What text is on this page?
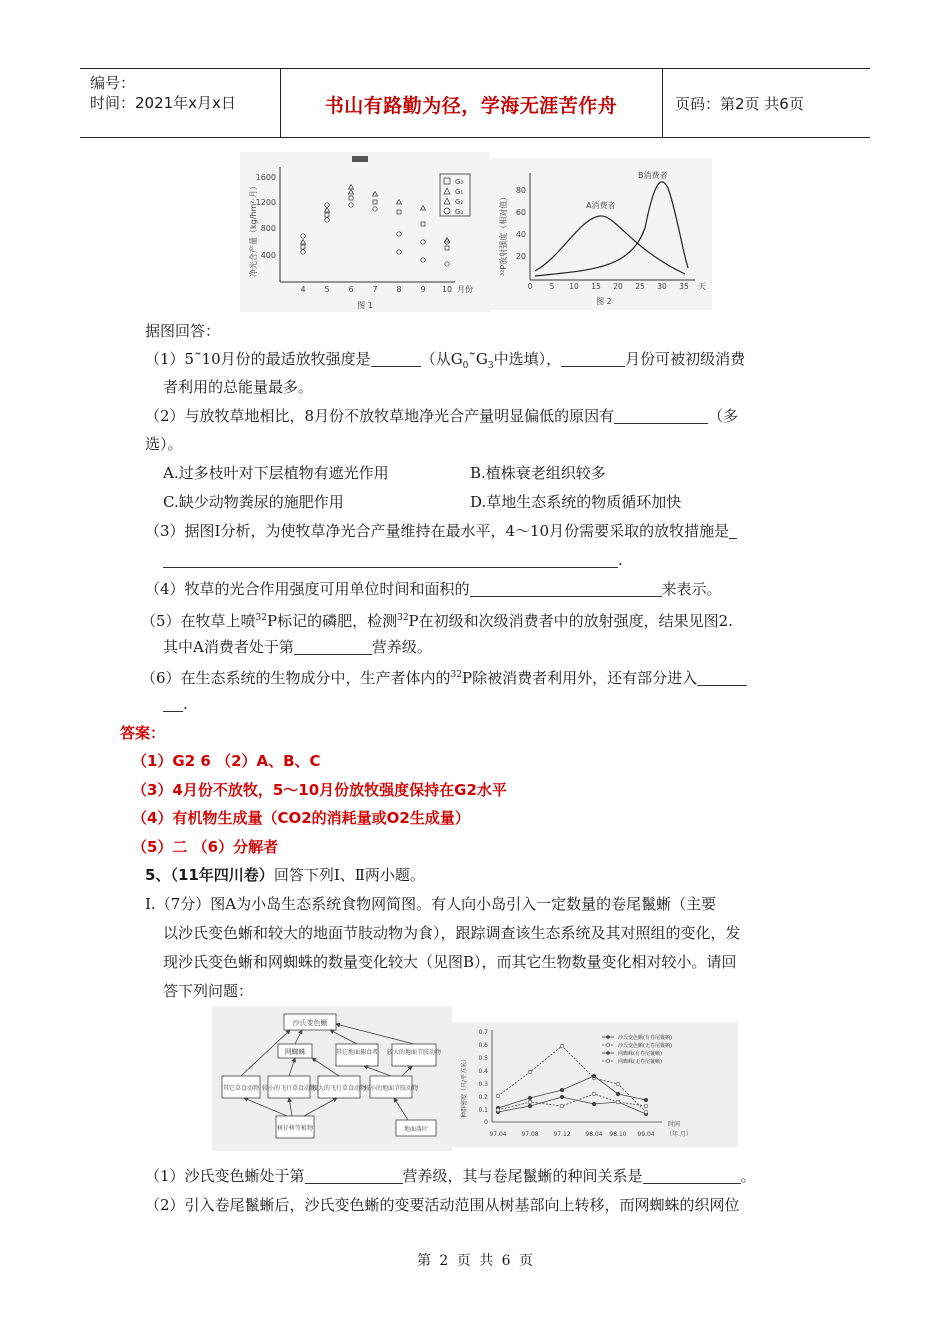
编号：
时间：2021年x月x日	书山有路勤为径，学海无涯苦作舟	页码：第2页 共6页
1600
1200
800
400
4 5 6 7 8 9 10 月份
净光合产量（kg/hm²·月）
图 1
G₀
G₁
G₂
G₃
80
60
40
20
0 5 10 15 20 25 30 35 天
³²P放射强度（相对值）
图 2
A消费者
B消费者
据图回答：
（1）5˜10月份的最适放牧强度是	（从$G_0˜G_3$中选填），	月份可被初级消费
者利用的总能量最多。
（2）与放牧草地相比，8月份不放牧草地净光合产量明显偏低的原因有	（多
选）。
A.过多枝叶对下层植物有遮光作用	B.植株衰老组织较多
C.缺少动物粪尿的施肥作用	D.草地生态系统的物质循环加快
（3）据图Ⅰ分析，为使牧草净光合产量维持在最水平，4～10月份需要采取的放牧措施是
.
（4）牧草的光合作用强度可用单位时间和面积的	来表示。
（5）在牧草上喷$^{32}$P标记的磷肥，检测$^{32}$P在初级和次级消费者中的放射强度，结果见图2.
其中A消费者处于第	营养级。
（6）在生态系统的生物成分中，生产者体内的$^{32}$P除被消费者利用外，还有部分进入
.
答案：
（1）G2 6 （2）A、B、C
（3）4月份不放牧，5～10月份放牧强度保持在G2水平
（4）有机物生成量（CO2的消耗量或O2生成量）
（5）二 （6）分解者
5、（11年四川卷）回答下列Ⅰ、Ⅱ两小题。
I.（7分）图A为小岛生态系统食物网简图。有人向小岛引入一定数量的卷尾鬣蜥（主要
以沙氏变色蜥和较大的地面节肢动物为食），跟踪调查该生态系统及其对照组的变化，发
现沙氏变色蜥和网蜘蛛的数量变化较大（见图B），而其它生物数量变化相对较小。请回
答下列问题：
沙氏变色蜥
网蜘蛛	其它地面捕食者 较大的地面节肢动物
其它草食动物 较小的飞行草食动物
较大的飞行草食动物
较小的地面节肢动物
树仔树等植物	地面落叶
0.7
0.6
0.5
0.4
0.3
0.2
0.1
0
97.04 97.08 97.12 98.04 98.10 99.04
时间
（年.月）
种群密度（只/平方米）
沙氏变色蜥(有卷尾鬣蜥)
沙氏变色蜥(无卷尾鬣蜥)
网蜘蛛(有卷尾鬣蜥)
网蜘蛛(无卷尾鬣蜥)
（1）沙氏变色蜥处于第	营养级，其与卷尾鬣蜥的种间关系是	。
（2）引入卷尾鬣蜥后，沙氏变色蜥的变要活动范围从树基部向上转移，而网蜘蛛的织网位
第 2 页 共 6 页
